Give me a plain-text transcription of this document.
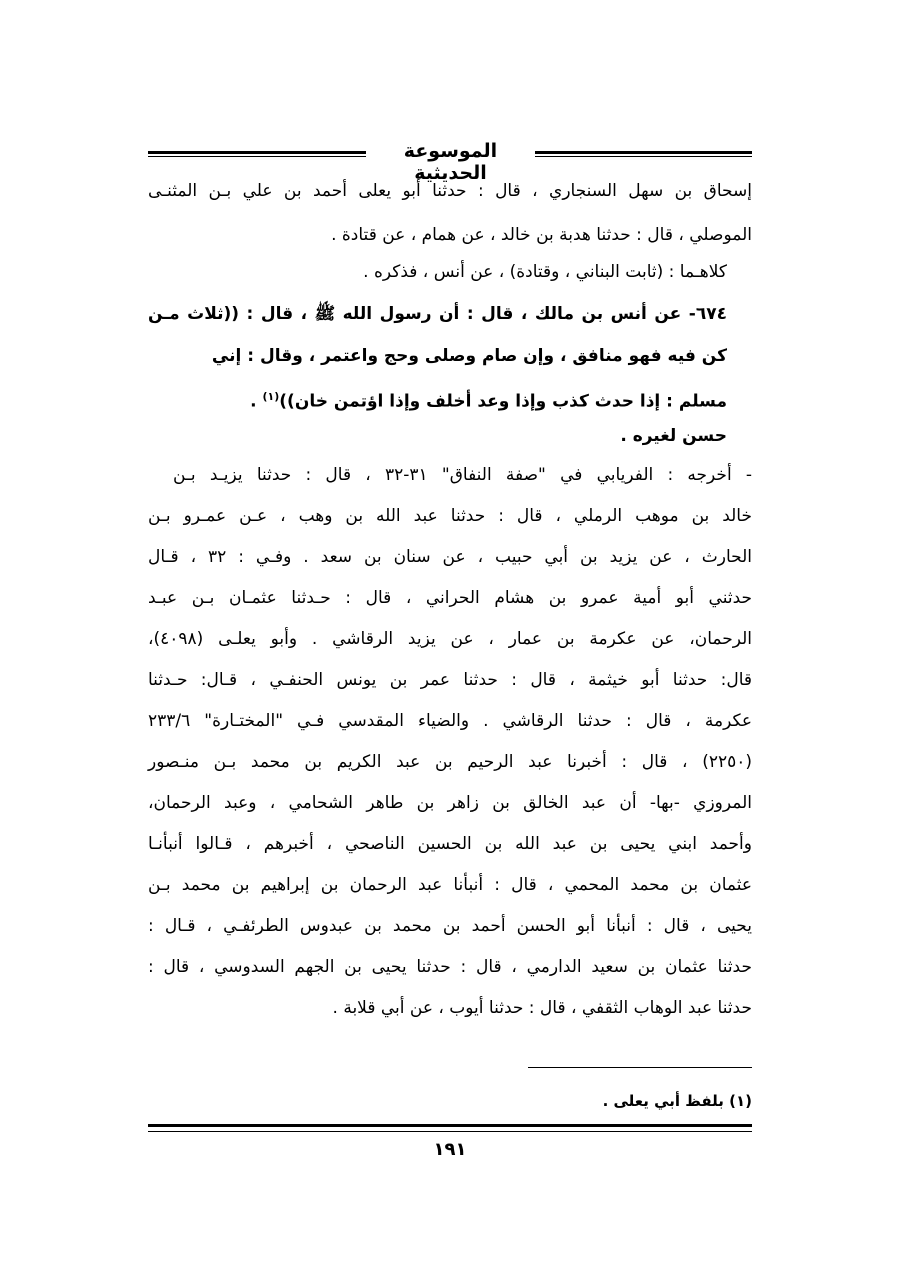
الموسوعة الحديثية
إسحاق بن سهل السنجاري ، قال : حدثنا أبو يعلى أحمد بن علي بـن المثنـى
الموصلي ، قال : حدثنا هدبة بن خالد ، عن همام ، عن قتادة .
كلاهـما : (ثابت البناني ، وقتادة) ، عن أنس ، فذكره .
٦٧٤- عن أنس بن مالك ، قال : أن رسول الله ﷺ ، قال : ((ثلاث مـن
كن فيه فهو منافق ، وإن صام وصلى وحج واعتمر ، وقال : إني
مسلم : إذا حدث كذب وإذا وعد أخلف وإذا اؤتمن خان))$^{(١)}$ .
حسن لغيره .
- أخرجه : الفريابي في "صفة النفاق" ٣١-٣٢ ، قال : حدثنا يزيـد بـن
خالد بن موهب الرملي ، قال : حدثنا عبد الله بن وهب ، عـن عمـرو بـن
الحارث ، عن يزيد بن أبي حبيب ، عن سنان بن سعد . وفـي : ٣٢ ، قـال
حدثني أبو أمية عمرو بن هشام الحراني ، قال : حـدثنا عثمـان بـن عبـد
الرحمان، عن عكرمة بن عمار ، عن يزيد الرقاشي . وأبو يعلـى (٤٠٩٨)،
قال: حدثنا أبو خيثمة ، قال : حدثنا عمر بن يونس الحنفـي ، قـال: حـدثنا
عكرمة ، قال : حدثنا الرقاشي . والضياء المقدسي فـي "المختـارة" ٢٣٣/٦
(٢٢٥٠) ، قال : أخبرنا عبد الرحيم بن عبد الكريم بن محمد بـن منـصور
المروزي -بها- أن عبد الخالق بن زاهر بن طاهر الشحامي ، وعبد الرحمان،
وأحمد ابني يحيى بن عبد الله بن الحسين الناصحي ، أخبرهم ، قـالوا أنبأنـا
عثمان بن محمد المحمي ، قال : أنبأنا عبد الرحمان بن إبراهيم بن محمد بـن
يحيى ، قال : أنبأنا أبو الحسن أحمد بن محمد بن عبدوس الطرئفـي ، قـال :
حدثنا عثمان بن سعيد الدارمي ، قال : حدثنا يحيى بن الجهم السدوسي ، قال :
حدثنا عبد الوهاب الثقفي ، قال : حدثنا أيوب ، عن أبي قلابة .
(١) بلفظ أبي يعلى .
١٩١
